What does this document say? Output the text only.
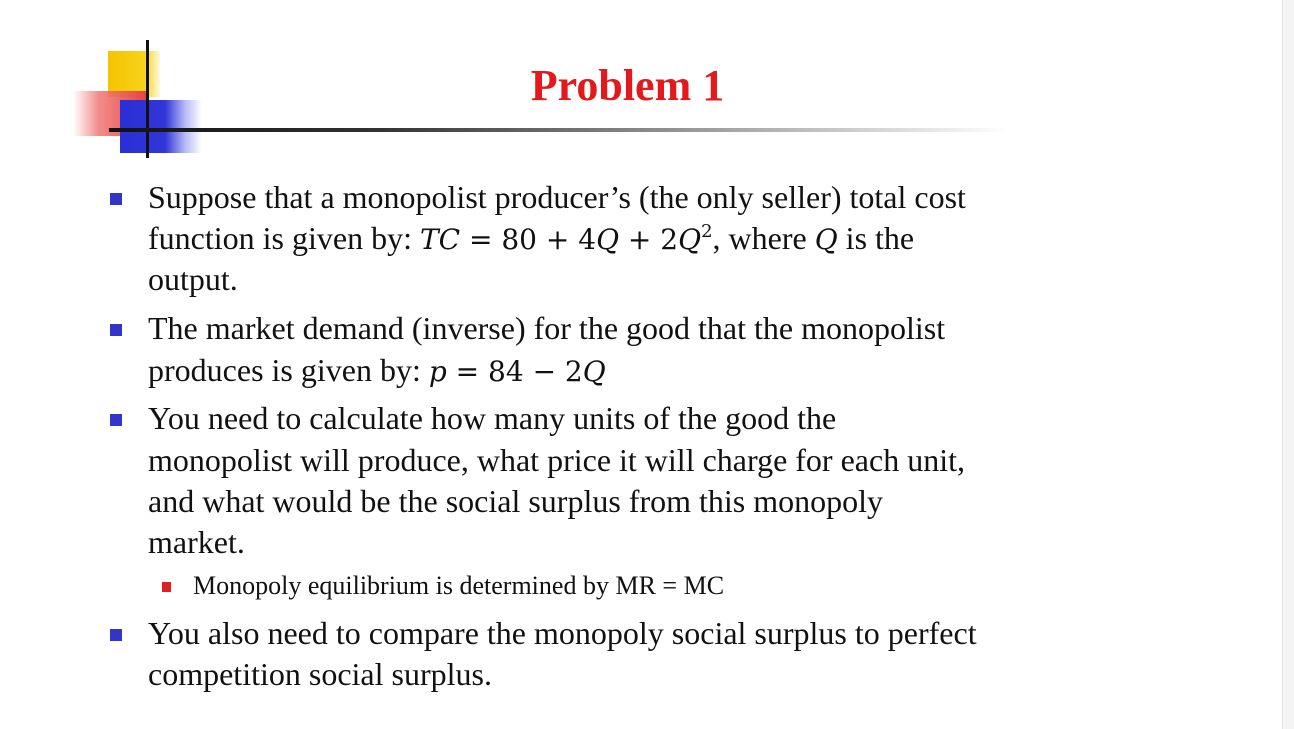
Problem 1
Suppose that a monopolist producer’s (the only seller) total cost
function is given by: TC = $80 + 4Q + 2Q^2$, where Q is the
output.
The market demand (inverse) for the good that the monopolist
produces is given by: p = 84 − 2Q
You need to calculate how many units of the good the
monopolist will produce, what price it will charge for each unit,
and what would be the social surplus from this monopoly
market.
Monopoly equilibrium is determined by MR = MC
You also need to compare the monopoly social surplus to perfect
competition social surplus.
